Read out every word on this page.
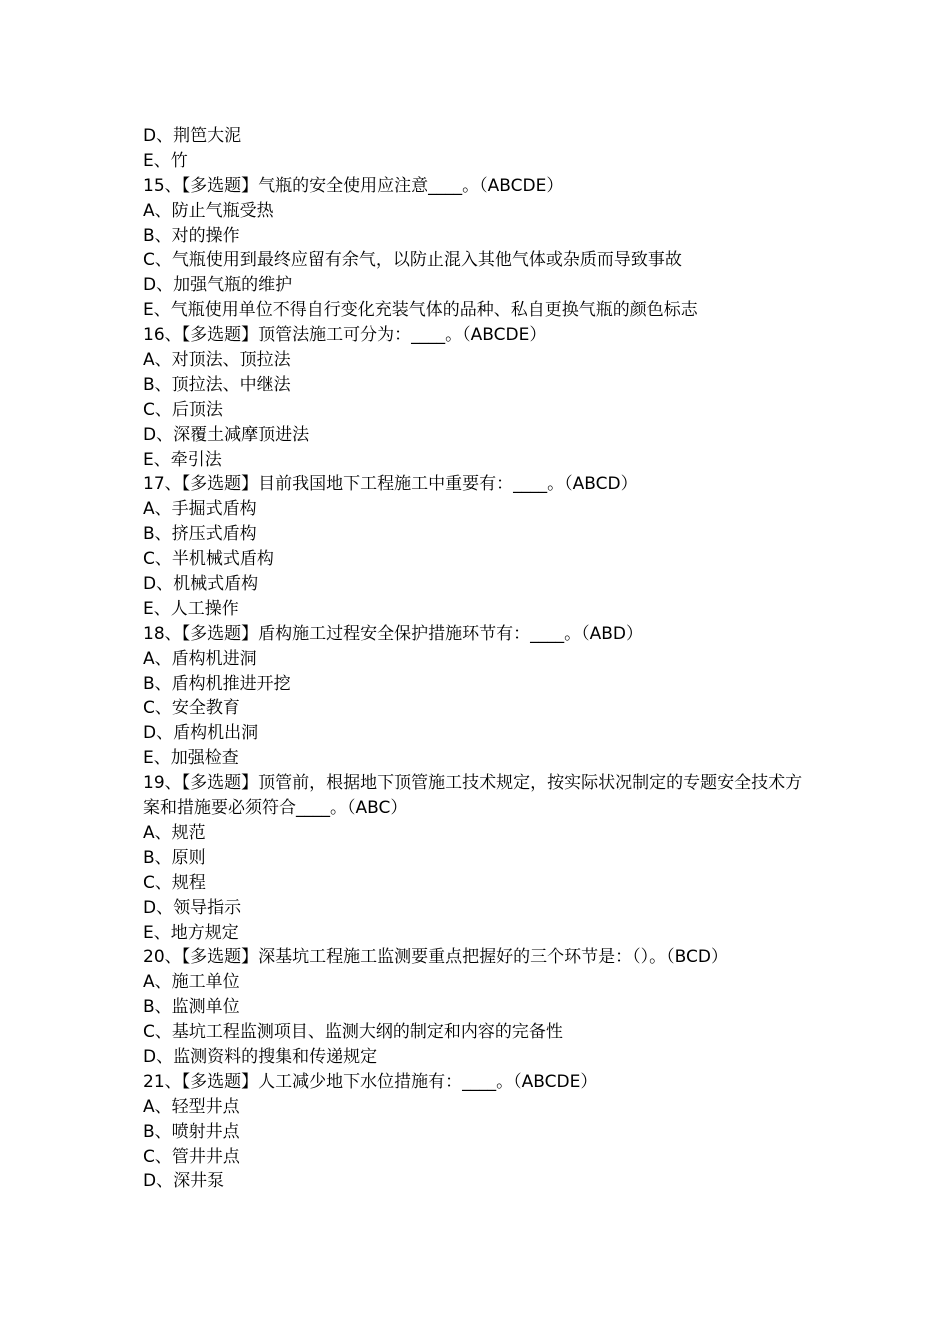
D、荆笆大泥
E、竹
15、【多选题】气瓶的安全使用应注意____。（ABCDE）
A、防止气瓶受热
B、对的操作
C、气瓶使用到最终应留有余气，以防止混入其他气体或杂质而导致事故
D、加强气瓶的维护
E、气瓶使用单位不得自行变化充装气体的品种、私自更换气瓶的颜色标志
16、【多选题】顶管法施工可分为：____。（ABCDE）
A、对顶法、顶拉法
B、顶拉法、中继法
C、后顶法
D、深覆土减摩顶进法
E、牵引法
17、【多选题】目前我国地下工程施工中重要有：____。（ABCD）
A、手掘式盾构
B、挤压式盾构
C、半机械式盾构
D、机械式盾构
E、人工操作
18、【多选题】盾构施工过程安全保护措施环节有：____。（ABD）
A、盾构机进洞
B、盾构机推进开挖
C、安全教育
D、盾构机出洞
E、加强检查
19、【多选题】顶管前，根据地下顶管施工技术规定，按实际状况制定的专题安全技术方案和措施要必须符合____。（ABC）
A、规范
B、原则
C、规程
D、领导指示
E、地方规定
20、【多选题】深基坑工程施工监测要重点把握好的三个环节是：（）。（BCD）
A、施工单位
B、监测单位
C、基坑工程监测项目、监测大纲的制定和内容的完备性
D、监测资料的搜集和传递规定
21、【多选题】人工减少地下水位措施有：____。（ABCDE）
A、轻型井点
B、喷射井点
C、管井井点
D、深井泵
